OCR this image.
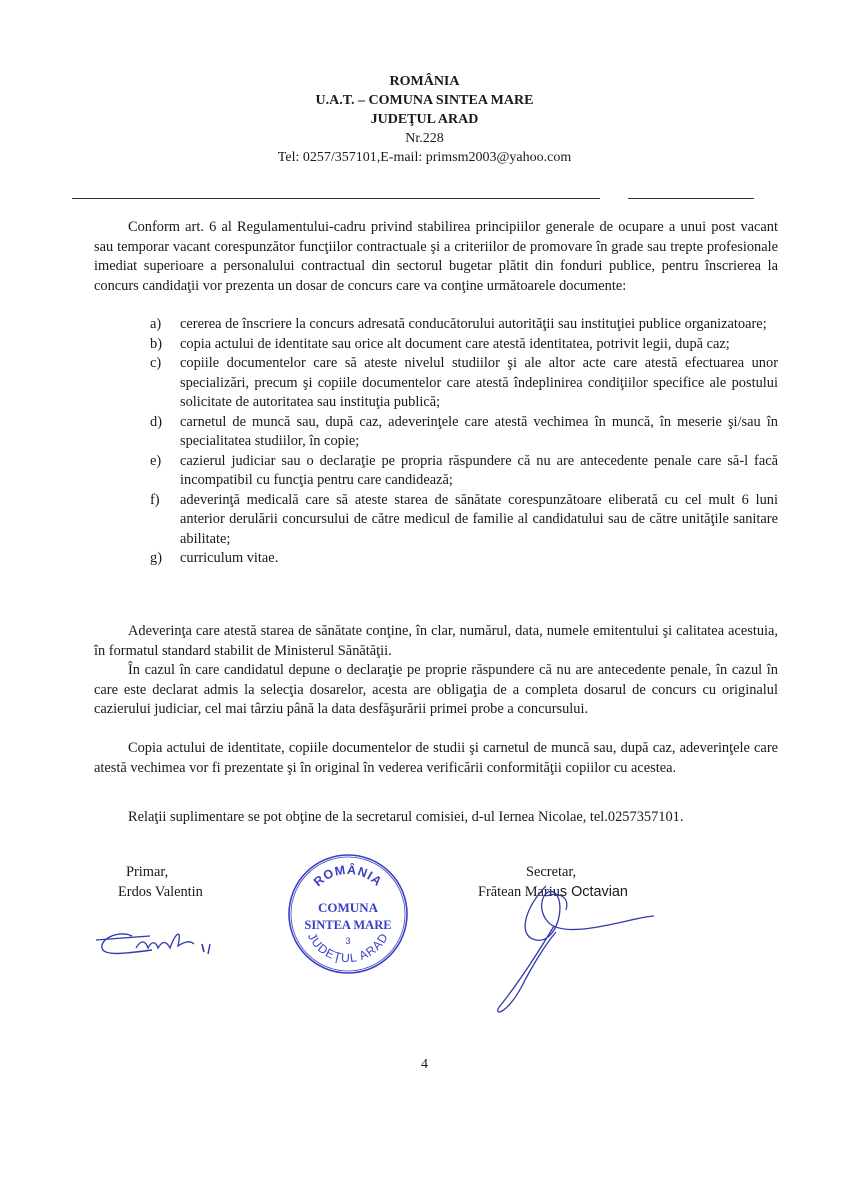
ROMÂNIA
U.A.T. – COMUNA SINTEA MARE
JUDEŢUL ARAD
Nr.228
Tel: 0257/357101,E-mail: primsm2003@yahoo.com
Conform art. 6 al Regulamentului-cadru privind stabilirea principiilor generale de ocupare a unui post vacant sau temporar vacant corespunzător funcţiilor contractuale şi a criteriilor de promovare în grade sau trepte profesionale imediat superioare a personalului contractual din sectorul bugetar plătit din fonduri publice, pentru înscrierea la concurs candidaţii vor prezenta un dosar de concurs care va conţine următoarele documente:
a) cererea de înscriere la concurs adresată conducătorului autorităţii sau instituţiei publice organizatoare;
b) copia actului de identitate sau orice alt document care atestă identitatea, potrivit legii, după caz;
c) copiile documentelor care să ateste nivelul studiilor şi ale altor acte care atestă efectuarea unor specializări, precum şi copiile documentelor care atestă îndeplinirea condiţiilor specifice ale postului solicitate de autoritatea sau instituţia publică;
d) carnetul de muncă sau, după caz, adeverinţele care atestă vechimea în muncă, în meserie şi/sau în specialitatea studiilor, în copie;
e) cazierul judiciar sau o declaraţie pe propria răspundere că nu are antecedente penale care să-l facă incompatibil cu funcţia pentru care candidează;
f) adeverinţă medicală care să ateste starea de sănătate corespunzătoare eliberată cu cel mult 6 luni anterior derulării concursului de către medicul de familie al candidatului sau de către unităţile sanitare abilitate;
g) curriculum vitae.
Adeverinţa care atestă starea de sănătate conţine, în clar, numărul, data, numele emitentului şi calitatea acestuia, în formatul standard stabilit de Ministerul Sănătăţii.
În cazul în care candidatul depune o declaraţie pe proprie răspundere că nu are antecedente penale, în cazul în care este declarat admis la selecţia dosarelor, acesta are obligaţia de a completa dosarul de concurs cu originalul cazierului judiciar, cel mai târziu până la data desfăşurării primei probe a concursului.
Copia actului de identitate, copiile documentelor de studii şi carnetul de muncă sau, după caz, adeverinţele care atestă vechimea vor fi prezentate şi în original în vederea verificării conformităţii copiilor cu acestea.
Relaţii suplimentare se pot obţine de la secretarul comisiei, d-ul Iernea Nicolae, tel.0257357101.
Primar,
Erdos Valentin
ROMÂNIA
COMUNA
SINTEA MARE
3
JUDEŢUL ARAD
Secretar,
Frătean Marius Octavian
4
